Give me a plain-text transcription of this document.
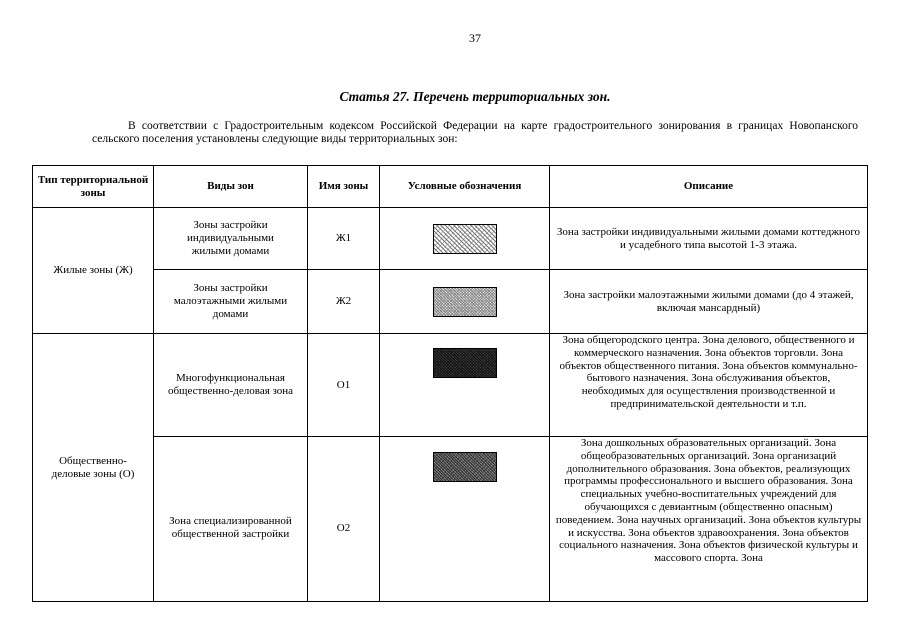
37
Статья 27. Перечень территориальных зон.
В соответствии с Градостроительным кодексом Российской Федерации на карте градостроительного зонирования в границах Новопанского сельского поселения установлены следующие виды территориальных зон:
Тип территориальной зоны	Виды зон	Имя зоны	Условные обозначения	Описание
Жилые зоны (Ж)	Зоны застройки индивидуальными жилыми домами	Ж1		Зона застройки индивидуальными жилыми домами коттеджного и усадебного типа высотой 1-3 этажа.
	Зоны застройки малоэтажными жилыми домами	Ж2		Зона застройки малоэтажными жилыми домами (до 4 этажей, включая мансардный)
Общественно-деловые зоны (О)	Многофункциональная общественно-деловая зона	О1		Зона общегородского центра. Зона делового, общественного и коммерческого назначения. Зона объектов торговли. Зона объектов общественного питания. Зона объектов коммунально-бытового назначения. Зона обслуживания объектов, необходимых для осуществления производственной и предпринимательской деятельности и т.п.

	Зона специализированной общественной застройки	О2		Зона дошкольных образовательных организаций. Зона общеобразовательных организаций. Зона организаций дополнительного образования. Зона объектов, реализующих программы профессионального и высшего образования. Зона специальных учебно-воспитательных учреждений для обучающихся с девиантным (общественно опасным) поведением. Зона научных организаций. Зона объектов культуры и искусства. Зона объектов здравоохранения. Зона объектов социального назначения. Зона объектов физической культуры и массового спорта. Зона
